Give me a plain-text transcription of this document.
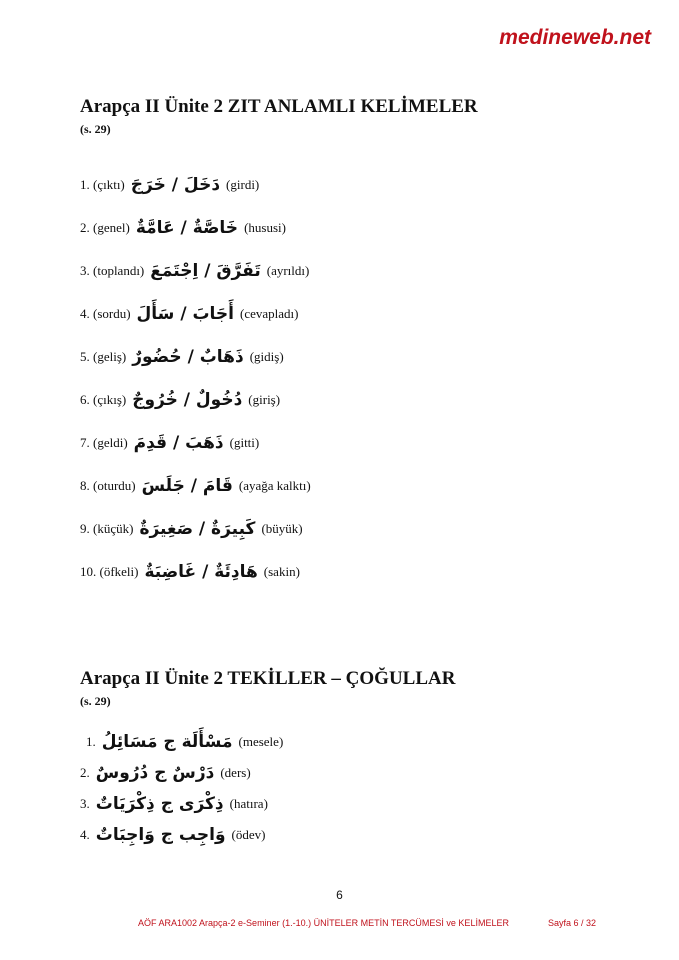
medineweb.net
Arapça II Ünite 2 ZIT ANLAMLI KELİMELER

(s. 29)

1.
(çıktı) دَخَلَ / خَرَجَ (girdi)
2.
(genel) خَاصَّةٌ / عَامَّةٌ (hususi)
3.
(toplandı) تَفَرَّقَ / اِجْتَمَعَ (ayrıldı)
4.
(sordu) أَجَابَ / سَأَلَ (cevapladı)
5.
(geliş) ذَهَابٌ / حُضُورٌ (gidiş)
6.
(çıkış) دُخُولٌ / خُرُوجٌ (giriş)
7.
(geldi) ذَهَبَ / قَدِمَ (gitti)
8.
(oturdu) قَامَ / جَلَسَ (ayağa kalktı)
9.
(küçük) كَبِيرَةٌ / صَغِيرَةٌ (büyük)
10.
(öfkeli) هَادِئَةٌ / غَاضِبَةٌ (sakin)
Arapça II Ünite 2 TEKİLLER – ÇOĞULLAR

(s. 29)

1. مَسْأَلَة ج مَسَائِلُ (mesele)
2. دَرْسٌ ج دُرُوسٌ (ders)
3. ذِكْرَى ج ذِكْرَيَاتٌ (hatıra)
4. وَاجِب ج وَاجِبَاتٌ (ödev)
6
AÖF ARA1002 Arapça-2 e-Seminer (1.-10.) ÜNİTELER METİN TERCÜMESİ ve KELİMELER	Sayfa 6 / 32
